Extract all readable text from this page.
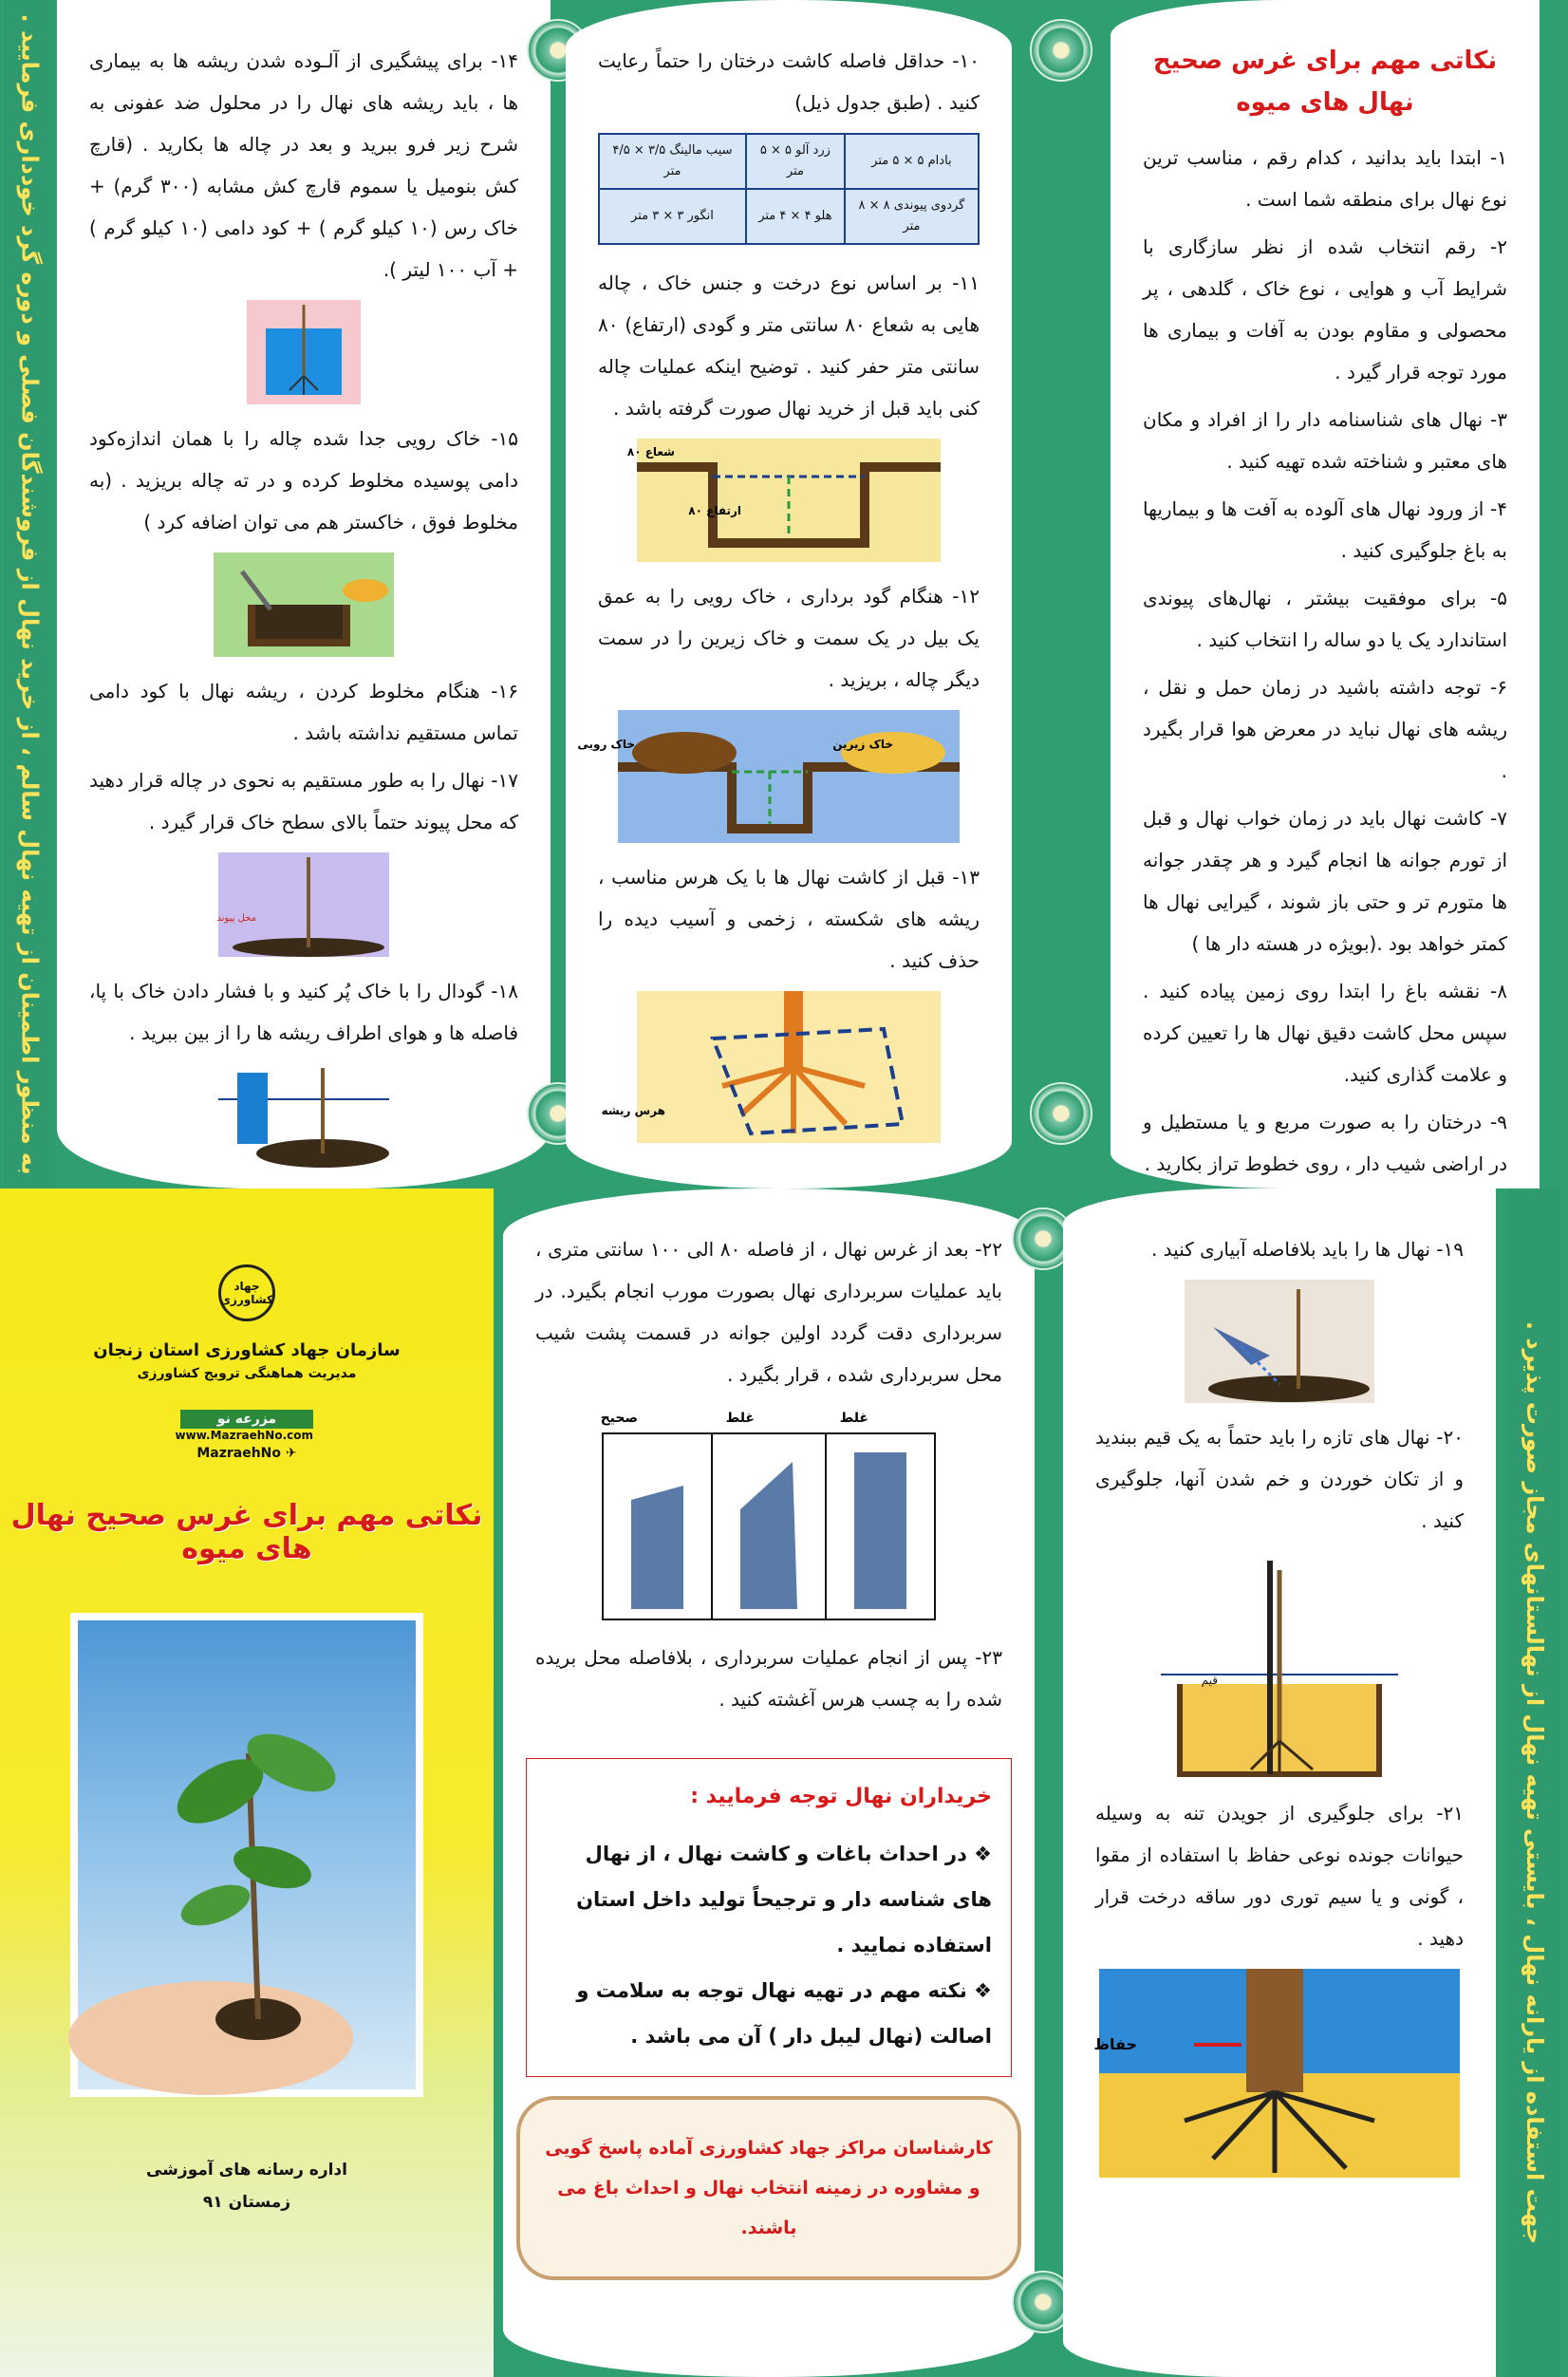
به منظور اطمینان از تهیه نهال سالم ، از خرید نهال از فروشندگان فصلی و دوره گرد خودداری فرمایید . ۱۴- برای پیشگیری از آلـوده شدن ریشه ها به بیماری ها ، باید ریشه های نهال را در محلول ضد عفونی به شرح زیر فرو ببرید و بعد در چاله ها بکارید . (قارچ کش بنومیل یا سموم قارچ کش مشابه (۳۰۰ گرم) + خاک رس (۱۰ کیلو گرم ) + کود دامی (۱۰ کیلو گرم ) + آب ۱۰۰ لیتر ).

۱۵- خاک رویی جدا شده چاله را با همان اندازه‌کود دامی پوسیده مخلوط کرده و در ته چاله بریزید . (به مخلوط فوق ، خاکستر هم می توان اضافه کرد )

۱۶- هنگام مخلوط کردن ، ریشه نهال با کود دامی تماس مستقیم نداشته باشد .

۱۷- نهال را به طور مستقیم به نحوی در چاله قرار دهید که محل پیوند حتماً بالای سطح خاک قرار گیرد .

محل پیوند

۱۸- گودال را با خاک پُر کنید و با فشار دادن خاک با پا، فاصله ها و هوای اطراف ریشه ها را از بین ببرید .

۱۰- حداقل فاصله کاشت درختان را حتماً رعایت کنید . (طبق جدول ذیل)

بادام ۵ × ۵ متر	زرد آلو ۵ × ۵ متر	سیب مالینگ ۳/۵ × ۴/۵ متر
گردوی پیوندی ۸ × ۸ متر	هلو ۴ × ۴ متر	انگور ۳ × ۳ متر

۱۱- بر اساس نوع درخت و جنس خاک ، چاله هایی به شعاع ۸۰ سانتی متر و گودی (ارتفاع) ۸۰ سانتی متر حفر کنید . توضیح اینکه عملیات چاله کنی باید قبل از خرید نهال صورت گرفته باشد .

شعاع ۸۰
ارتفاع ۸۰

۱۲- هنگام گود برداری ، خاک رویی را به عمق یک بیل در یک سمت و خاک زیرین را در سمت دیگر چاله ، بریزید .

خاک رویی	خاک زیرین

۱۳- قبل از کاشت نهال ها با یک هرس مناسب ، ریشه های شکسته ، زخمی و آسیب دیده را حذف کنید .

هرس ریشه
نکاتی مهم برای غرس صحیح نهال های میوه

۱- ابتدا باید بدانید ، کدام رقم ، مناسب ترین نوع نهال برای منطقه شما است .

۲- رقم انتخاب شده از نظر سازگاری با شرایط آب و هوایی ، نوع خاک ، گلدهی ، پر محصولی و مقاوم بودن به آفات و بیماری ها مورد توجه قرار گیرد .

۳- نهال های شناسنامه دار را از افراد و مکان های معتبر و شناخته شده تهیه کنید .

۴- از ورود نهال های آلوده به آفت ها و بیماریها به باغ جلوگیری کنید .

۵- برای موفقیت بیشتر ، نهال‌های پیوندی استاندارد یک یا دو ساله را انتخاب کنید .

۶- توجه داشته باشید در زمان حمل و نقل ، ریشه های نهال نباید در معرض هوا قرار بگیرد .

۷- کاشت نهال باید در زمان خواب نهال و قبل از تورم جوانه ها انجام گیرد و هر چقدر جوانه ها متورم تر و حتی باز شوند ، گیرایی نهال ها کمتر خواهد بود .(بویژه در هسته دار ها )

۸- نقشه باغ را ابتدا روی زمین پیاده کنید . سپس محل کاشت دقیق نهال ها را تعیین کرده و علامت گذاری کنید.

۹- درختان را به صورت مربع و یا مستطیل و در اراضی شیب دار ، روی خطوط تراز بکارید .

جهاد کشاورزی
سازمان جهاد کشاورزی استان زنجان
مدیریت هماهنگی ترویج کشاورزی
مزرعه نو
www.MazraehNo.com
✈ MazraehNo
نکاتی مهم برای غرس صحیح نهال های میوه
اداره رسانه های آموزشی
زمستان ۹۱

۲۲- بعد از غرس نهال ، از فاصله ۸۰ الی ۱۰۰ سانتی متری ، باید عملیات سربرداری نهال بصورت مورب انجام بگیرد. در سربرداری دقت گردد اولین جوانه در قسمت پشت شیب محل سربرداری شده ، قرار بگیرد .

صحیح	غلط	غلط

۲۳- پس از انجام عملیات سربرداری ، بلافاصله محل بریده شده را به چسب هرس آغشته کنید .

خریداران نهال توجه فرمایید :

❖ در احداث باغات و کاشت نهال ، از نهال های شناسه دار و ترجیحاً تولید داخل استان استفاده نمایید .

❖ نکته مهم در تهیه نهال توجه به سلامت و اصالت (نهال لیبل دار ) آن می باشد .

کارشناسان مراکز جهاد کشاورزی آماده پاسخ گویی و مشاوره در زمینه انتخاب نهال و احداث باغ می باشند.

۱۹- نهال ها را باید بلافاصله آبیاری کنید .

۲۰- نهال های تازه را باید حتماً به یک قیم ببندید و از تکان خوردن و خم شدن آنها، جلوگیری کنید .

قیم

۲۱- برای جلوگیری از جویدن تنه به وسیله حیوانات جونده نوعی حفاظ با استفاده از مقوا ، گونی و یا سیم توری دور ساقه درخت قرار دهید .

حفاظ	جهت استفاده از یارانه نهال ، بایستی تهیه نهال از نهالستانهای مجاز صورت پذیرد .
